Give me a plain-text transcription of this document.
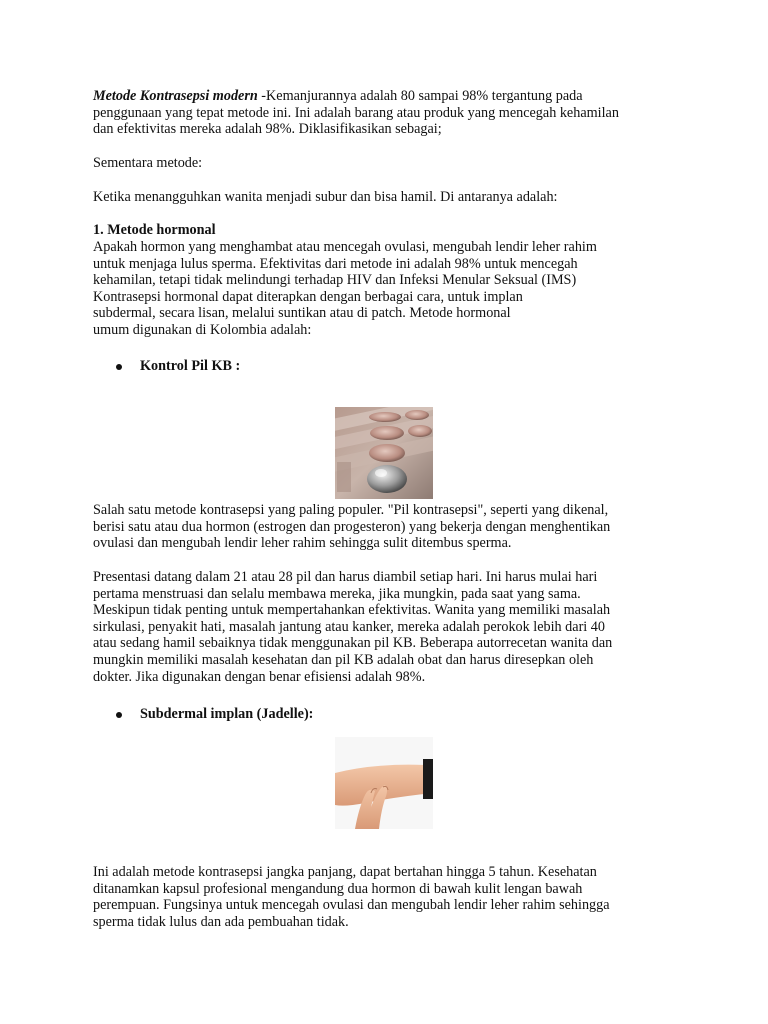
Metode Kontrasepsi modern -Kemanjurannya adalah 80 sampai 98% tergantung pada
penggunaan yang tepat metode ini. Ini adalah barang atau produk yang mencegah kehamilan
dan efektivitas mereka adalah 98%. Diklasifikasikan sebagai;

Sementara metode:

Ketika menangguhkan wanita menjadi subur dan bisa hamil. Di antaranya adalah:

1. Metode hormonal

Apakah hormon yang menghambat atau mencegah ovulasi, mengubah lendir leher rahim
untuk menjaga lulus sperma. Efektivitas dari metode ini adalah 98% untuk mencegah
kehamilan, tetapi tidak melindungi terhadap HIV dan Infeksi Menular Seksual (IMS)
Kontrasepsi hormonal dapat diterapkan dengan berbagai cara, untuk implan
subdermal, secara lisan, melalui suntikan atau di patch. Metode hormonal
umum digunakan di Kolombia adalah:

Kontrol Pil KB :

Salah satu metode kontrasepsi yang paling populer. "Pil kontrasepsi", seperti yang dikenal,
berisi satu atau dua hormon (estrogen dan progesteron) yang bekerja dengan menghentikan
ovulasi dan mengubah lendir leher rahim sehingga sulit ditembus sperma.

Presentasi datang dalam 21 atau 28 pil dan harus diambil setiap hari. Ini harus mulai hari
pertama menstruasi dan selalu membawa mereka, jika mungkin, pada saat yang sama.
Meskipun tidak penting untuk mempertahankan efektivitas. Wanita yang memiliki masalah
sirkulasi, penyakit hati, masalah jantung atau kanker, mereka adalah perokok lebih dari 40
atau sedang hamil sebaiknya tidak menggunakan pil KB. Beberapa autorrecetan wanita dan
mungkin memiliki masalah kesehatan dan pil KB adalah obat dan harus diresepkan oleh
dokter. Jika digunakan dengan benar efisiensi adalah 98%.

Subdermal implan (Jadelle):

Ini adalah metode kontrasepsi jangka panjang, dapat bertahan hingga 5 tahun. Kesehatan
ditanamkan kapsul profesional mengandung dua hormon di bawah kulit lengan bawah
perempuan. Fungsinya untuk mencegah ovulasi dan mengubah lendir leher rahim sehingga
sperma tidak lulus dan ada pembuahan tidak.
